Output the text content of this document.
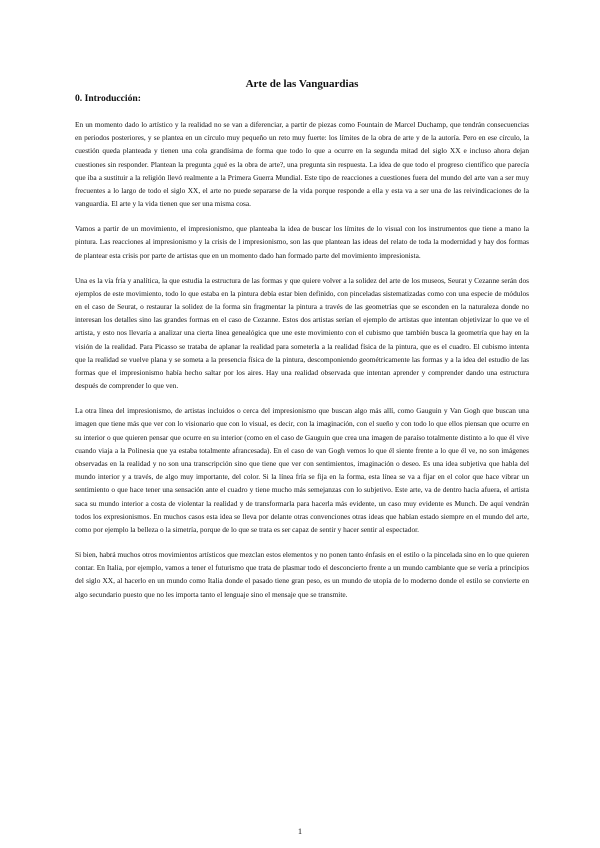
Arte de las Vanguardias
0. Introducción:

En un momento dado lo artístico y la realidad no se van a diferenciar, a partir de piezas como Fountain de Marcel Duchamp, que tendrán consecuencias en periodos posteriores, y se plantea en un círculo muy pequeño un reto muy fuerte: los límites de la obra de arte y de la autoría. Pero en ese círculo, la cuestión queda planteada y tienen una cola grandísima de forma que todo lo que a ocurre en la segunda mitad del siglo XX e incluso ahora dejan cuestiones sin responder. Plantean la pregunta ¿qué es la obra de arte?, una pregunta sin respuesta. La idea de que todo el progreso científico que parecía que iba a sustituir a la religión llevó realmente a la Primera Guerra Mundial. Este tipo de reacciones a cuestiones fuera del mundo del arte van a ser muy frecuentes a lo largo de todo el siglo XX, el arte no puede separarse de la vida porque responde a ella y esta va a ser una de las reivindicaciones de la vanguardia. El arte y la vida tienen que ser una misma cosa.

Vamos a partir de un movimiento, el impresionismo, que planteaba la idea de buscar los límites de lo visual con los instrumentos que tiene a mano la pintura. Las reacciones al impresionismo y la crisis de l impresionismo, son las que plantean las ideas del relato de toda la modernidad y hay dos formas de plantear esta crisis por parte de artistas que en un momento dado han formado parte del movimiento impresionista.

Una es la vía fría y analítica, la que estudia la estructura de las formas y que quiere volver a la solidez del arte de los museos, Seurat y Cezanne serán dos ejemplos de este movimiento, todo lo que estaba en la pintura debía estar bien definido, con pinceladas sistematizadas como con una especie de módulos en el caso de Seurat, o restaurar la solidez de la forma sin fragmentar la pintura a través de las geometrías que se esconden en la naturaleza donde no interesan los detalles sino las grandes formas en el caso de Cezanne. Estos dos artistas serían el ejemplo de artistas que intentan objetivizar lo que ve el artista, y esto nos llevaría a analizar una cierta línea genealógica que une este movimiento con el cubismo que también busca la geometría que hay en la visión de la realidad. Para Picasso se trataba de aplanar la realidad para someterla a la realidad física de la pintura, que es el cuadro. El cubismo intenta que la realidad se vuelve plana y se someta a la presencia física de la pintura, descomponiendo geométricamente las formas y a la idea del estudio de las formas que el impresionismo había hecho saltar por los aires. Hay una realidad observada que intentan aprender y comprender dando una estructura después de comprender lo que ven.

La otra línea del impresionismo, de artistas incluidos o cerca del impresionismo que buscan algo más allí, como Gauguin y Van Gogh que buscan una imagen que tiene más que ver con lo visionario que con lo visual, es decir, con la imaginación, con el sueño y con todo lo que ellos piensan que ocurre en su interior o que quieren pensar que ocurre en su interior (como en el caso de Gauguin que crea una imagen de paraíso totalmente distinto a lo que él vive cuando viaja a la Polinesia que ya estaba totalmente afrancesada). En el caso de van Gogh vemos lo que él siente frente a lo que él ve, no son imágenes observadas en la realidad y no son una transcripción sino que tiene que ver con sentimientos, imaginación o deseo. Es una idea subjetiva que habla del mundo interior y a través, de algo muy importante, del color. Si la línea fría se fija en la forma, esta línea se va a fijar en el color que hace vibrar un sentimiento o que hace tener una sensación ante el cuadro y tiene mucho más semejanzas con lo subjetivo. Este arte, va de dentro hacia afuera, el artista saca su mundo interior a costa de violentar la realidad y de transformarla para hacerla más evidente, un caso muy evidente es Munch. De aquí vendrán todos los expresionismos. En muchos casos esta idea se lleva por delante otras convenciones otras ideas que habían estado siempre en el mundo del arte, como por ejemplo la belleza o la simetría, porque de lo que se trata es ser capaz de sentir y hacer sentir al espectador.

Si bien, habrá muchos otros movimientos artísticos que mezclan estos elementos y no ponen tanto énfasis en el estilo o la pincelada sino en lo que quieren contar. En Italia, por ejemplo, vamos a tener el futurismo que trata de plasmar todo el desconcierto frente a un mundo cambiante que se vería a principios del siglo XX, al hacerlo en un mundo como Italia donde el pasado tiene gran peso, es un mundo de utopía de lo moderno donde el estilo se convierte en algo secundario puesto que no les importa tanto el lenguaje sino el mensaje que se transmite.

1
